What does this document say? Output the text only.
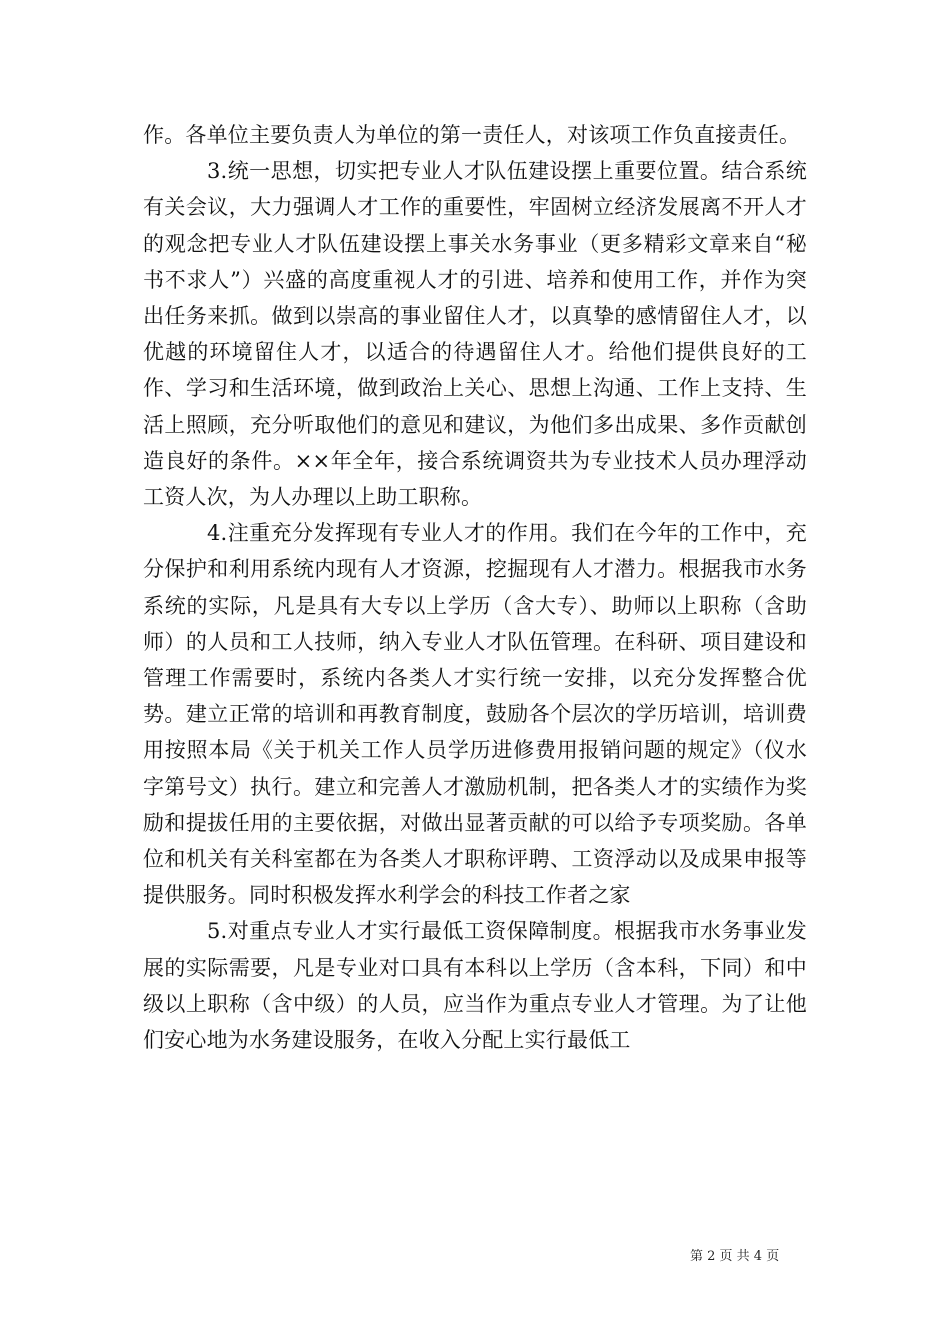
作。各单位主要负责人为单位的第一责任人，对该项工作负直接责任。

3.统一思想，切实把专业人才队伍建设摆上重要位置。结合系统有关会议，大力强调人才工作的重要性，牢固树立经济发展离不开人才的观念把专业人才队伍建设摆上事关水务事业（更多精彩文章来自“秘书不求人”）兴盛的高度重视人才的引进、培养和使用工作，并作为突出任务来抓。做到以崇高的事业留住人才，以真挚的感情留住人才，以优越的环境留住人才，以适合的待遇留住人才。给他们提供良好的工作、学习和生活环境，做到政治上关心、思想上沟通、工作上支持、生活上照顾，充分听取他们的意见和建议，为他们多出成果、多作贡献创造良好的条件。××年全年，接合系统调资共为专业技术人员办理浮动工资人次，为人办理以上助工职称。

4.注重充分发挥现有专业人才的作用。我们在今年的工作中，充分保护和利用系统内现有人才资源，挖掘现有人才潜力。根据我市水务系统的实际，凡是具有大专以上学历（含大专）、助师以上职称（含助师）的人员和工人技师，纳入专业人才队伍管理。在科研、项目建设和管理工作需要时，系统内各类人才实行统一安排，以充分发挥整合优势。建立正常的培训和再教育制度，鼓励各个层次的学历培训，培训费用按照本局《关于机关工作人员学历进修费用报销问题的规定》（仪水字第号文）执行。建立和完善人才激励机制，把各类人才的实绩作为奖励和提拔任用的主要依据，对做出显著贡献的可以给予专项奖励。各单位和机关有关科室都在为各类人才职称评聘、工资浮动以及成果申报等提供服务。同时积极发挥水利学会的科技工作者之家

5.对重点专业人才实行最低工资保障制度。根据我市水务事业发展的实际需要，凡是专业对口具有本科以上学历（含本科，下同）和中级以上职称（含中级）的人员，应当作为重点专业人才管理。为了让他们安心地为水务建设服务，在收入分配上实行最低工

第 2 页 共 4 页
